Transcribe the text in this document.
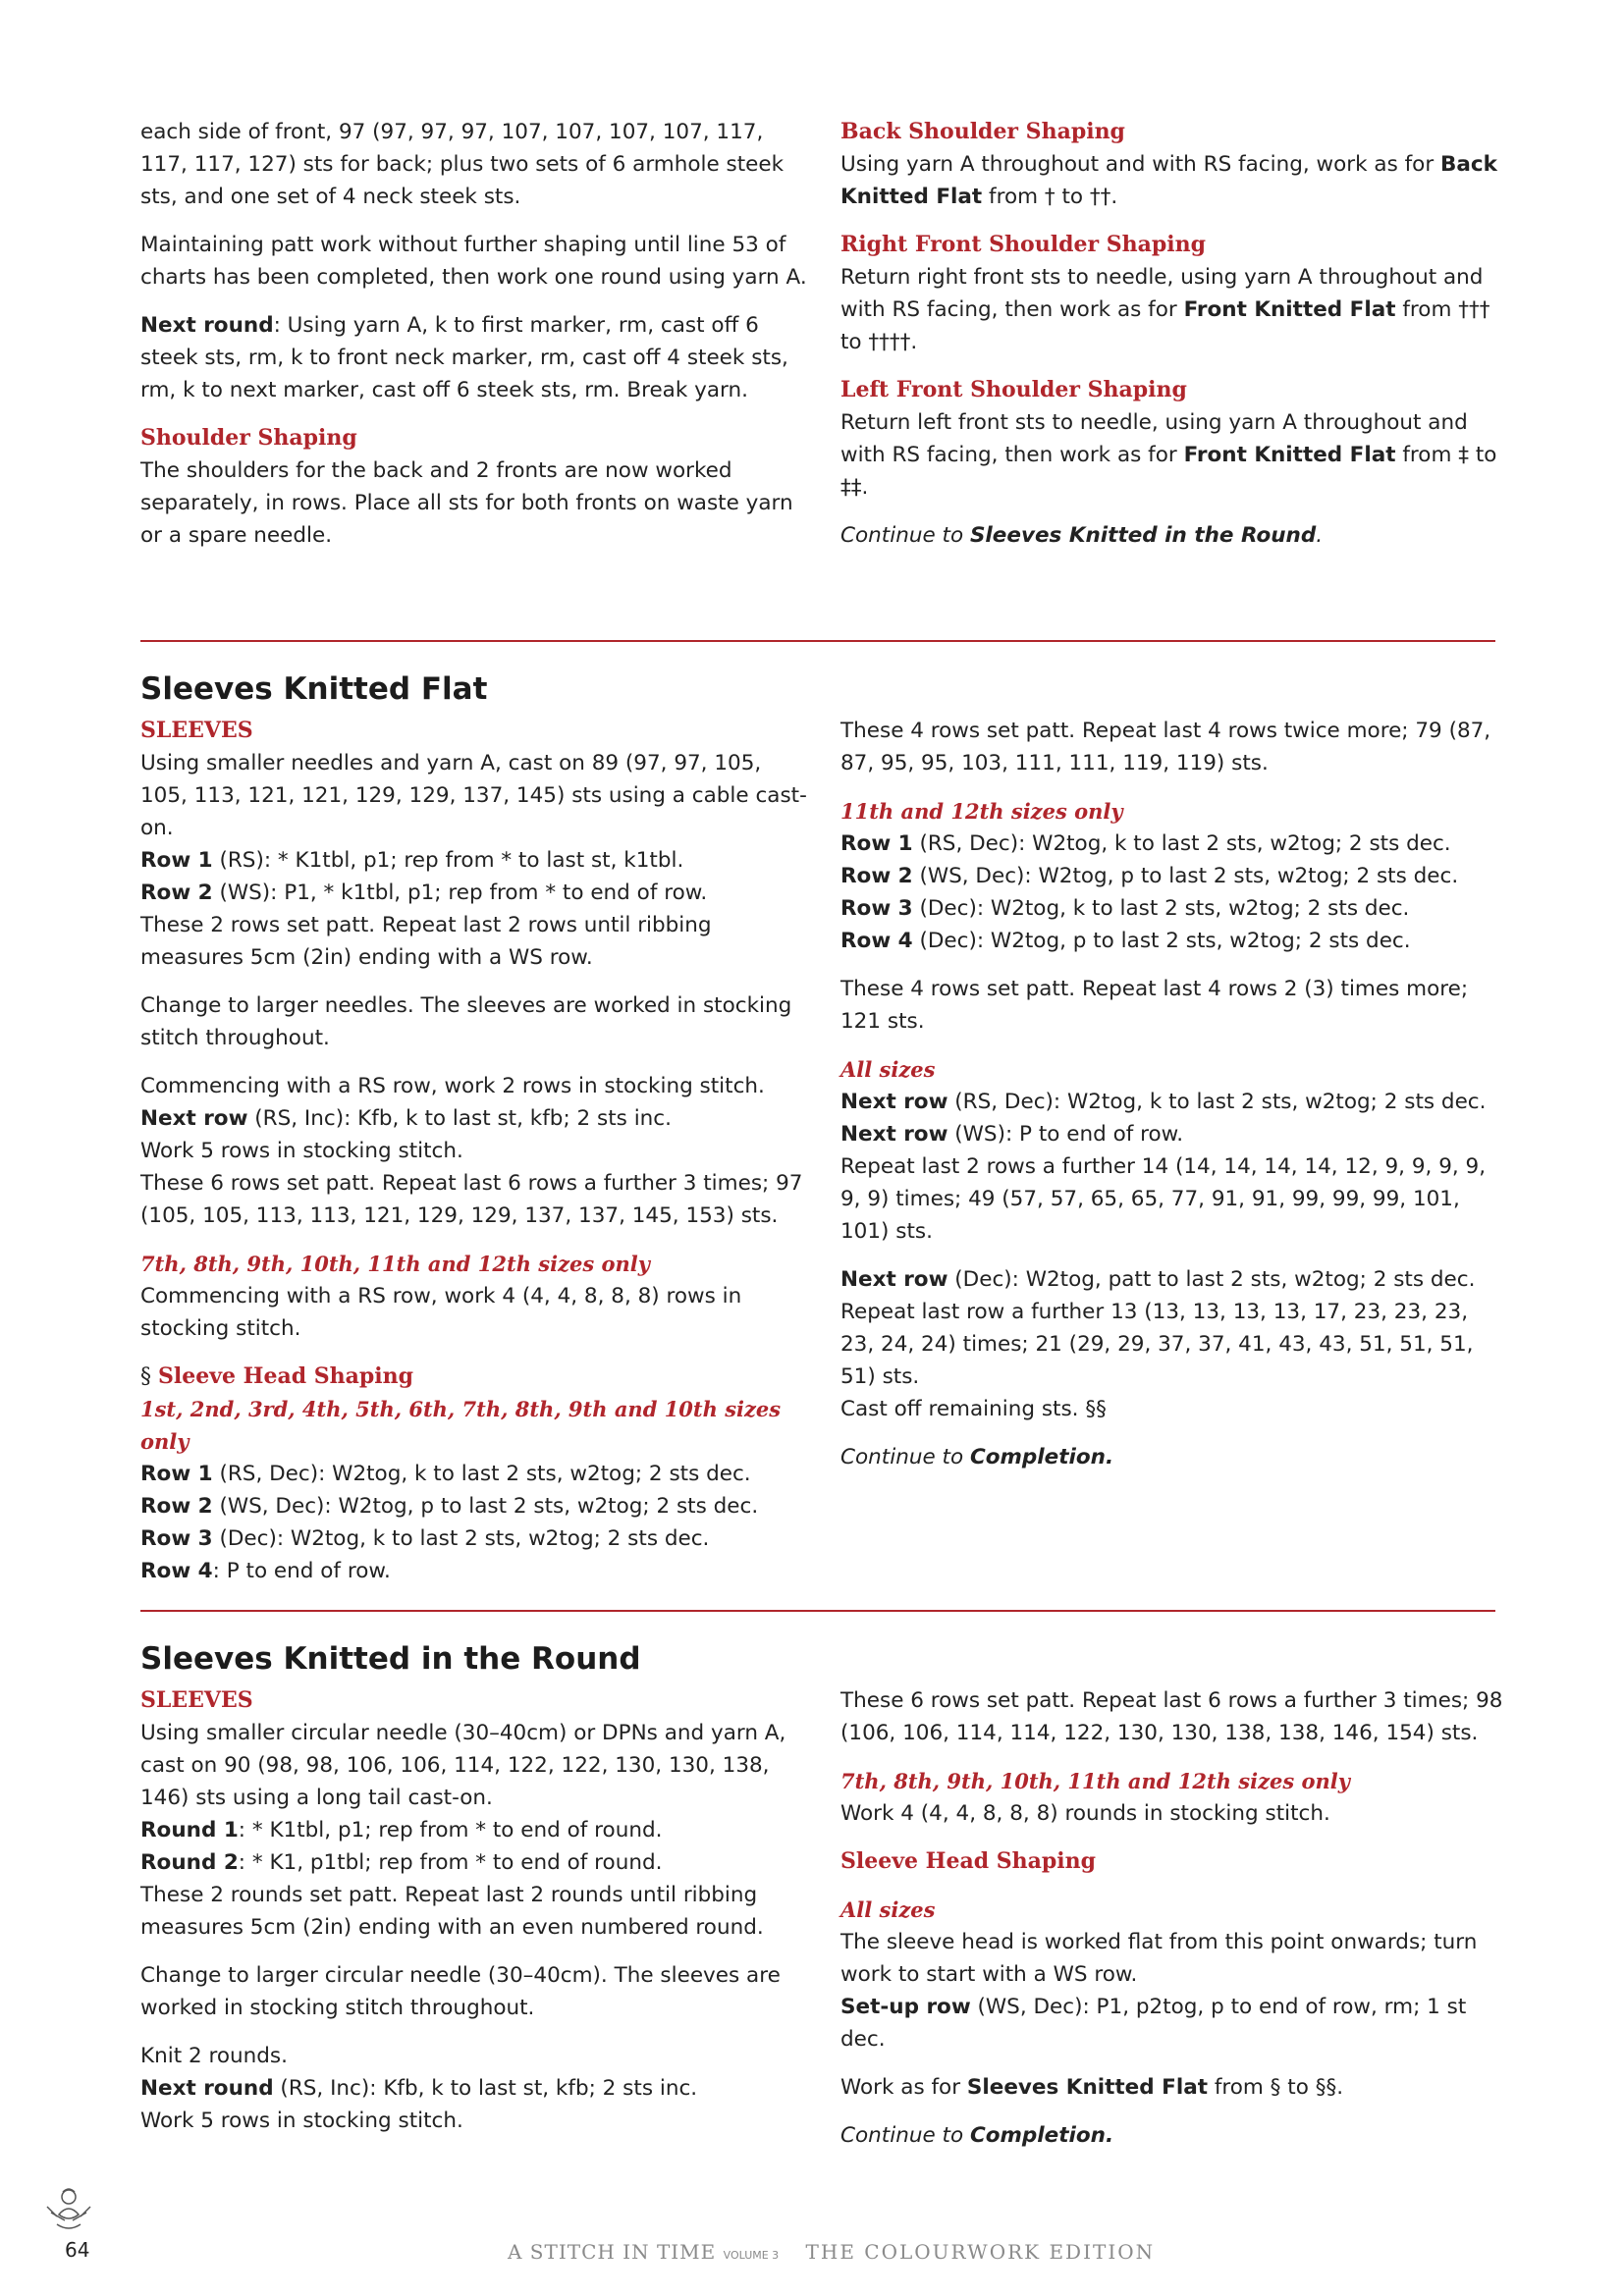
each side of front, 97 (97, 97, 97, 107, 107, 107, 107, 117, 117, 117, 127) sts for back; plus two sets of 6 armhole steek sts, and one set of 4 neck steek sts.

Maintaining patt work without further shaping until line 53 of charts has been completed, then work one round using yarn A.

Next round: Using yarn A, k to first marker, rm, cast off 6 steek sts, rm, k to front neck marker, rm, cast off 4 steek sts, rm, k to next marker, cast off 6 steek sts, rm. Break yarn.

Shoulder Shaping

The shoulders for the back and 2 fronts are now worked separately, in rows. Place all sts for both fronts on waste yarn or a spare needle.

Back Shoulder Shaping

Using yarn A throughout and with RS facing, work as for Back Knitted Flat from † to ††.

Right Front Shoulder Shaping

Return right front sts to needle, using yarn A throughout and with RS facing, then work as for Front Knitted Flat from ††† to ††††.

Left Front Shoulder Shaping

Return left front sts to needle, using yarn A throughout and with RS facing, then work as for Front Knitted Flat from ‡ to ‡‡.

Continue to Sleeves Knitted in the Round.

Sleeves Knitted Flat
SLEEVES

Using smaller needles and yarn A, cast on 89 (97, 97, 105, 105, 113, 121, 121, 129, 129, 137, 145) sts using a cable cast-on.

Row 1 (RS): * K1tbl, p1; rep from * to last st, k1tbl.

Row 2 (WS): P1, * k1tbl, p1; rep from * to end of row.

These 2 rows set patt. Repeat last 2 rows until ribbing measures 5cm (2in) ending with a WS row.

Change to larger needles. The sleeves are worked in stocking stitch throughout.

Commencing with a RS row, work 2 rows in stocking stitch.

Next row (RS, Inc): Kfb, k to last st, kfb; 2 sts inc.

Work 5 rows in stocking stitch.

These 6 rows set patt. Repeat last 6 rows a further 3 times; 97 (105, 105, 113, 113, 121, 129, 129, 137, 137, 145, 153) sts.

7th, 8th, 9th, 10th, 11th and 12th sizes only

Commencing with a RS row, work 4 (4, 4, 8, 8, 8) rows in stocking stitch.

§ Sleeve Head Shaping
1st, 2nd, 3rd, 4th, 5th, 6th, 7th, 8th, 9th and 10th sizes only

Row 1 (RS, Dec): W2tog, k to last 2 sts, w2tog; 2 sts dec.

Row 2 (WS, Dec): W2tog, p to last 2 sts, w2tog; 2 sts dec.

Row 3 (Dec): W2tog, k to last 2 sts, w2tog; 2 sts dec.

Row 4: P to end of row.

These 4 rows set patt. Repeat last 4 rows twice more; 79 (87, 87, 95, 95, 103, 111, 111, 119, 119) sts.

11th and 12th sizes only

Row 1 (RS, Dec): W2tog, k to last 2 sts, w2tog; 2 sts dec.

Row 2 (WS, Dec): W2tog, p to last 2 sts, w2tog; 2 sts dec.

Row 3 (Dec): W2tog, k to last 2 sts, w2tog; 2 sts dec.

Row 4 (Dec): W2tog, p to last 2 sts, w2tog; 2 sts dec.

These 4 rows set patt. Repeat last 4 rows 2 (3) times more; 121 sts.

All sizes

Next row (RS, Dec): W2tog, k to last 2 sts, w2tog; 2 sts dec.

Next row (WS): P to end of row.

Repeat last 2 rows a further 14 (14, 14, 14, 14, 12, 9, 9, 9, 9, 9, 9) times; 49 (57, 57, 65, 65, 77, 91, 91, 99, 99, 99, 101, 101) sts.

Next row (Dec): W2tog, patt to last 2 sts, w2tog; 2 sts dec.

Repeat last row a further 13 (13, 13, 13, 13, 17, 23, 23, 23, 23, 24, 24) times; 21 (29, 29, 37, 37, 41, 43, 43, 51, 51, 51, 51) sts.

Cast off remaining sts. §§

Continue to Completion.

Sleeves Knitted in the Round
SLEEVES

Using smaller circular needle (30–40cm) or DPNs and yarn A, cast on 90 (98, 98, 106, 106, 114, 122, 122, 130, 130, 138, 146) sts using a long tail cast-on.

Round 1: * K1tbl, p1; rep from * to end of round.

Round 2: * K1, p1tbl; rep from * to end of round.

These 2 rounds set patt. Repeat last 2 rounds until ribbing measures 5cm (2in) ending with an even numbered round.

Change to larger circular needle (30–40cm). The sleeves are worked in stocking stitch throughout.

Knit 2 rounds.

Next round (RS, Inc): Kfb, k to last st, kfb; 2 sts inc.

Work 5 rows in stocking stitch.

These 6 rows set patt. Repeat last 6 rows a further 3 times; 98 (106, 106, 114, 114, 122, 130, 130, 138, 138, 146, 154) sts.

7th, 8th, 9th, 10th, 11th and 12th sizes only

Work 4 (4, 4, 8, 8, 8) rounds in stocking stitch.

Sleeve Head Shaping
All sizes

The sleeve head is worked flat from this point onwards; turn work to start with a WS row.

Set-up row (WS, Dec): P1, p2tog, p to end of row, rm; 1 st dec.

Work as for Sleeves Knitted Flat from § to §§.

Continue to Completion.

64	A STITCH IN TIME VOLUME 3 THE COLOURWORK EDITION
